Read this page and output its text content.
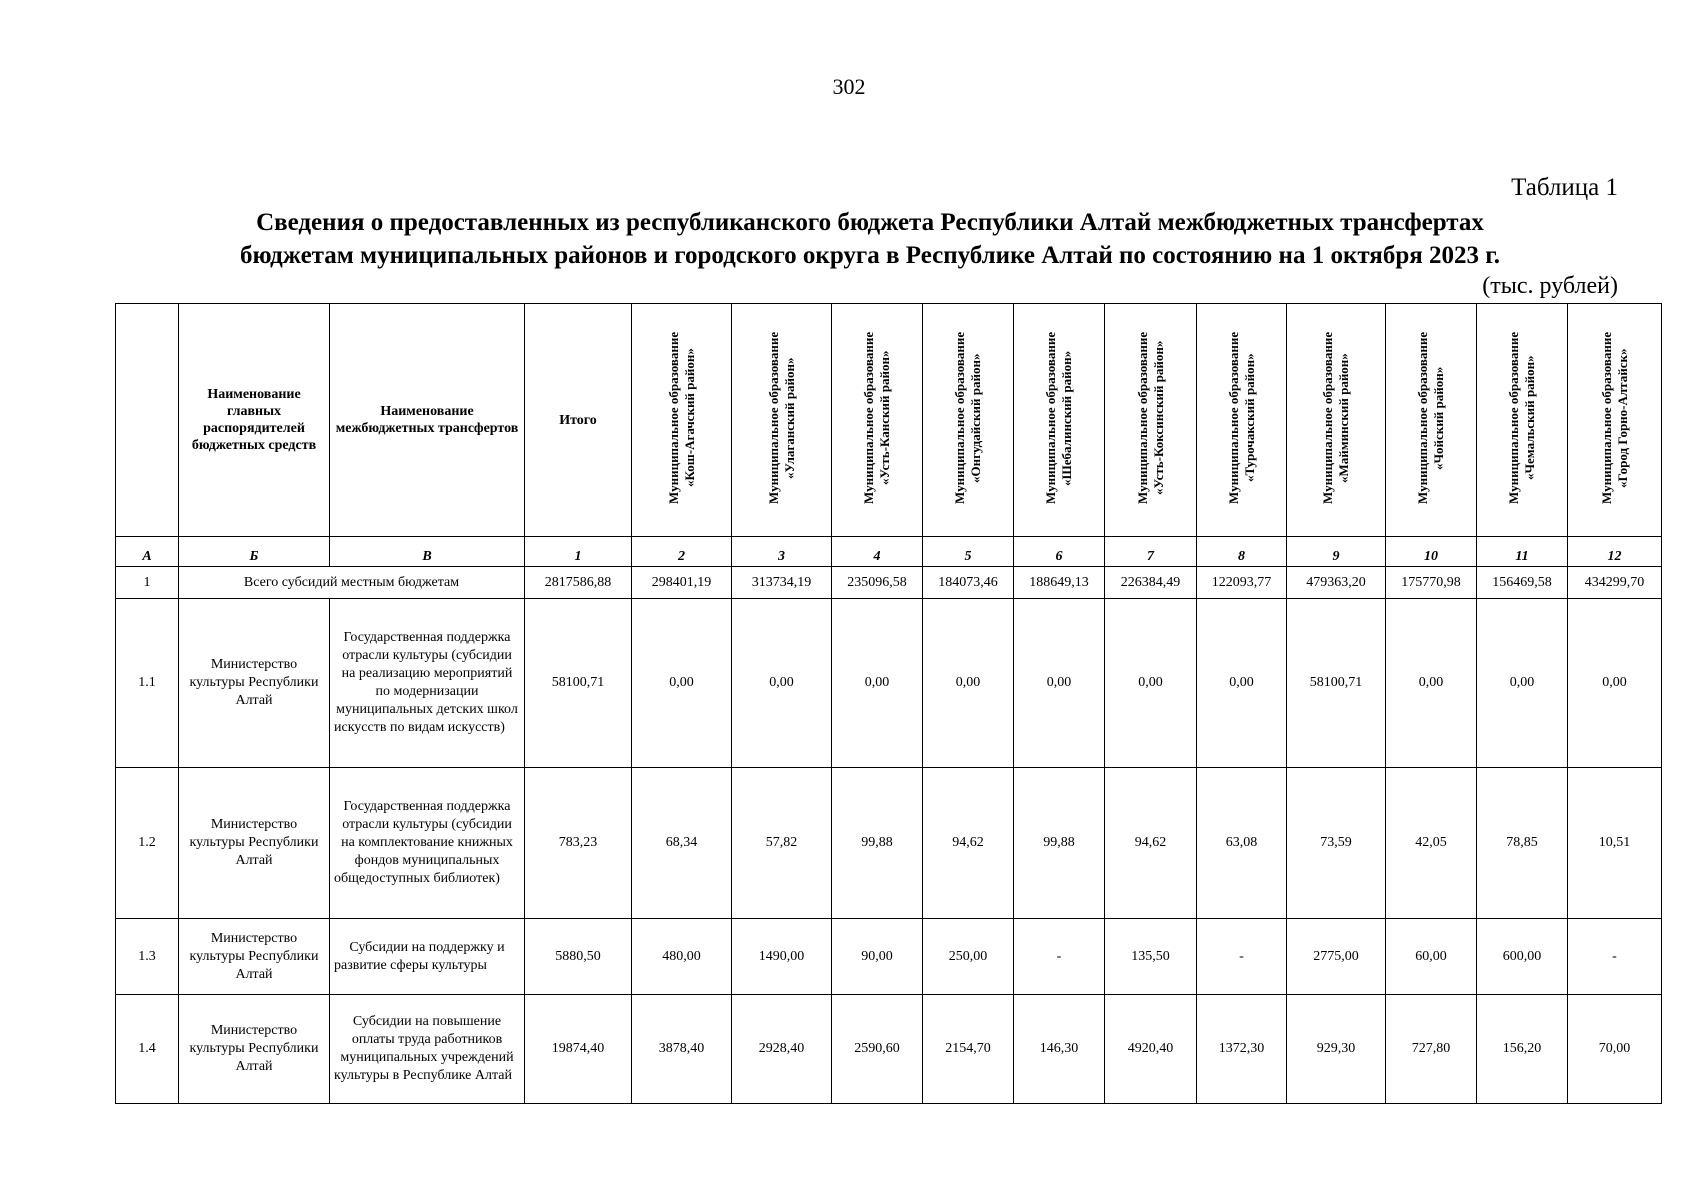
302
Таблица 1
Сведения о предоставленных из республиканского бюджета Республики Алтай межбюджетных трансфертах
бюджетам муниципальных районов и городского округа в Республике Алтай по состоянию на 1 октября 2023 г.
(тыс. рублей)
	Наименование главных распорядителей бюджетных средств	Наименование межбюджетных трансфертов	Итого	Муниципальное образование «Кош-Агачский район»	Муниципальное образование «Улаганский район»	Муниципальное образование «Усть-Канский район»	Муниципальное образование «Онгудайский район»	Муниципальное образование «Шебалинский район»	Муниципальное образование «Усть-Коксинский район»	Муниципальное образование «Турочакский район»	Муниципальное образование «Майминский район»	Муниципальное образование «Чойский район»	Муниципальное образование «Чемальский район»	Муниципальное образование «Город Горно-Алтайск»
А	Б	В	1	2	3	4	5	6	7	8	9	10	11	12
1	Всего субсидий местным бюджетам		2817586,88	298401,19	313734,19	235096,58	184073,46	188649,13	226384,49	122093,77	479363,20	175770,98	156469,58	434299,70
1.1	Министерство культуры Республики Алтай	Государственная поддержка отрасли культуры (субсидии на реализацию мероприятий по модернизации муниципальных детских школ искусств по видам искусств)	58100,71	0,00	0,00	0,00	0,00	0,00	0,00	0,00	58100,71	0,00	0,00	0,00
1.2	Министерство культуры Республики Алтай	Государственная поддержка отрасли культуры (субсидии на комплектование книжных фондов муниципальных общедоступных библиотек)	783,23	68,34	57,82	99,88	94,62	99,88	94,62	63,08	73,59	42,05	78,85	10,51
1.3	Министерство культуры Республики Алтай	Субсидии на поддержку и развитие сферы культуры	5880,50	480,00	1490,00	90,00	250,00	-	135,50	-	2775,00	60,00	600,00	-
1.4	Министерство культуры Республики Алтай	Субсидии на повышение оплаты труда работников муниципальных учреждений культуры в Республике Алтай	19874,40	3878,40	2928,40	2590,60	2154,70	146,30	4920,40	1372,30	929,30	727,80	156,20	70,00
